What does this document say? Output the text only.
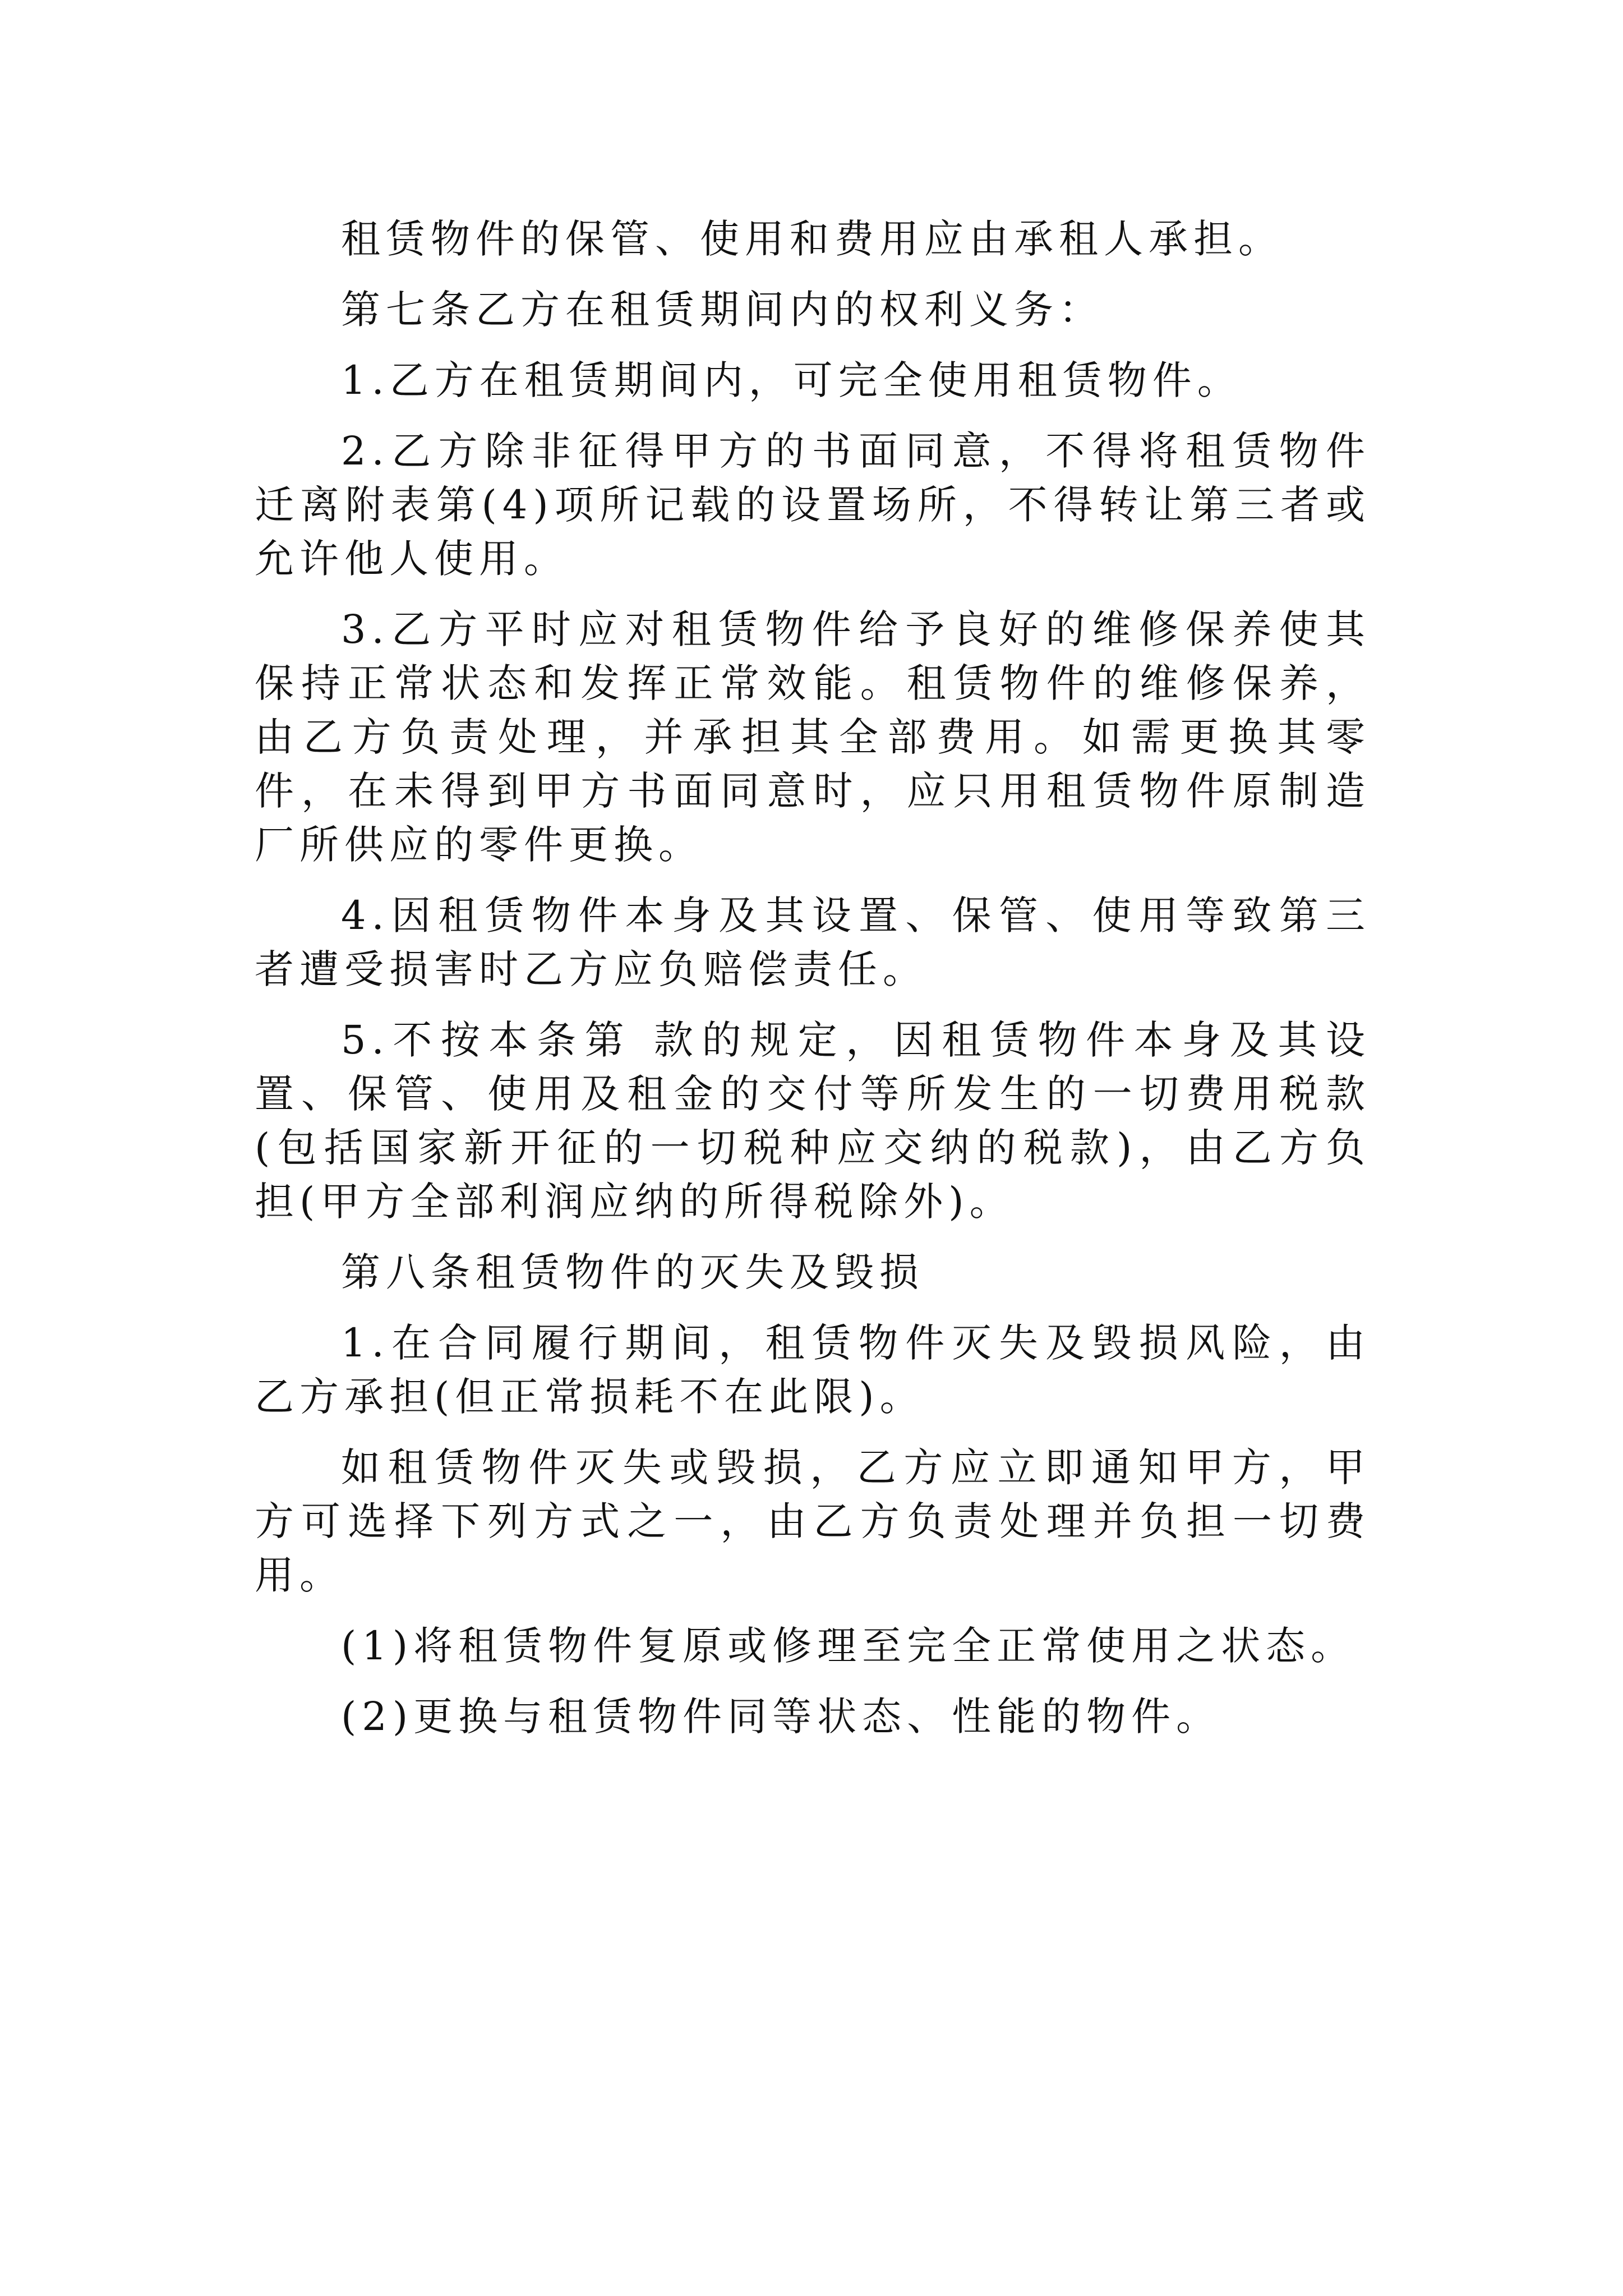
租赁物件的保管、使用和费用应由承租人承担。

第七条乙方在租赁期间内的权利义务：

1.乙方在租赁期间内，可完全使用租赁物件。

2.乙方除非征得甲方的书面同意，不得将租赁物件迁离附表第(4)项所记载的设置场所，不得转让第三者或允许他人使用。

3.乙方平时应对租赁物件给予良好的维修保养使其保持正常状态和发挥正常效能。租赁物件的维修保养，由乙方负责处理，并承担其全部费用。如需更换其零件，在未得到甲方书面同意时，应只用租赁物件原制造厂所供应的零件更换。

4.因租赁物件本身及其设置、保管、使用等致第三者遭受损害时乙方应负赔偿责任。

5.不按本条第 款的规定，因租赁物件本身及其设置、保管、使用及租金的交付等所发生的一切费用税款(包括国家新开征的一切税种应交纳的税款)，由乙方负担(甲方全部利润应纳的所得税除外)。

第八条租赁物件的灭失及毁损

1.在合同履行期间，租赁物件灭失及毁损风险，由乙方承担(但正常损耗不在此限)。

如租赁物件灭失或毁损，乙方应立即通知甲方，甲方可选择下列方式之一，由乙方负责处理并负担一切费用。

(1)将租赁物件复原或修理至完全正常使用之状态。

(2)更换与租赁物件同等状态、性能的物件。
